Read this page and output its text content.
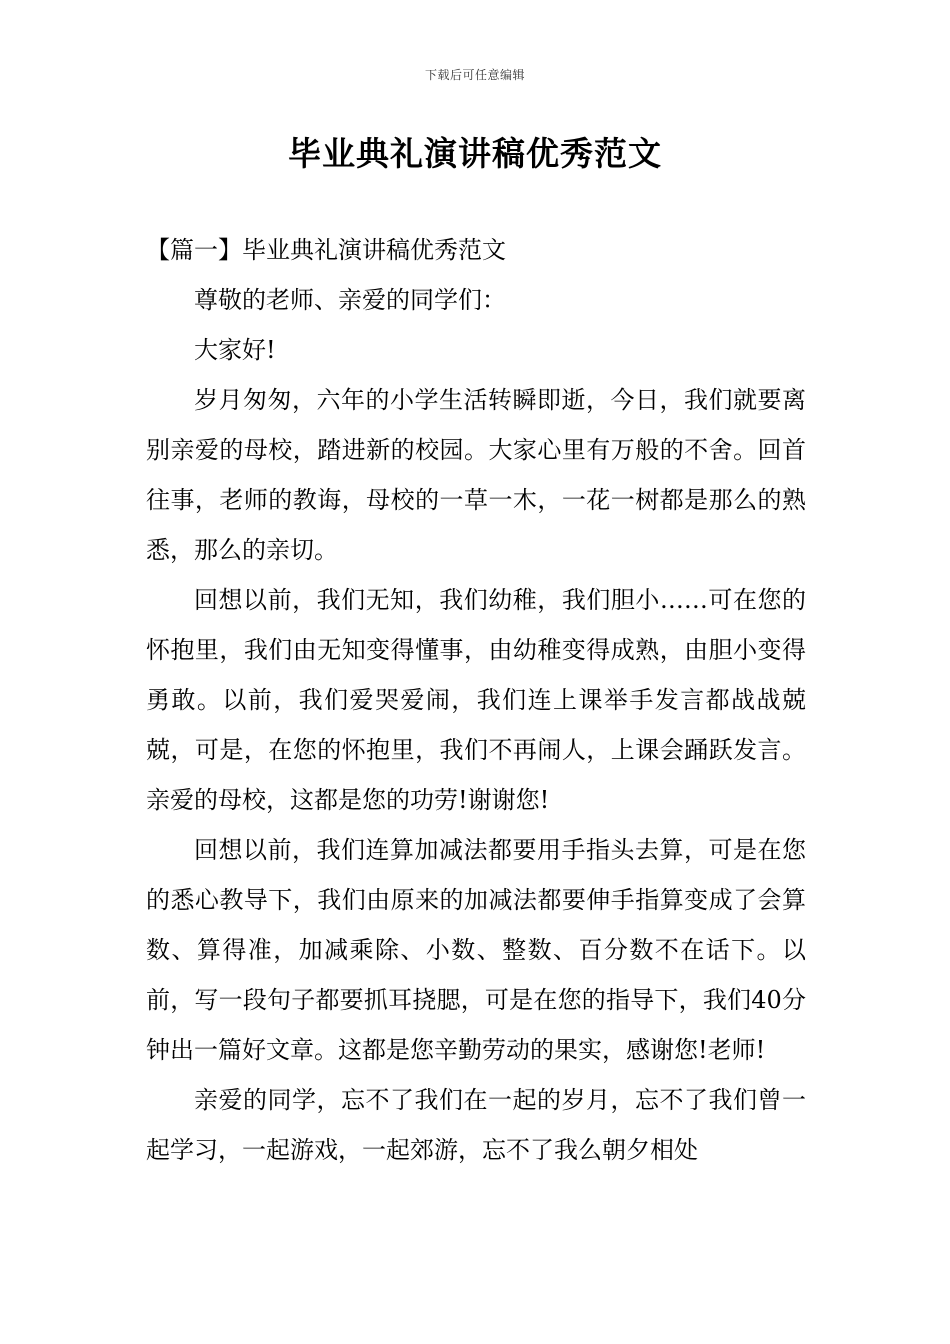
下载后可任意编辑
毕业典礼演讲稿优秀范文

【篇一】毕业典礼演讲稿优秀范文

尊敬的老师、亲爱的同学们：

大家好!

岁月匆匆，六年的小学生活转瞬即逝，今日，我们就要离别亲爱的母校，踏进新的校园。大家心里有万般的不舍。回首往事，老师的教诲，母校的一草一木，一花一树都是那么的熟悉，那么的亲切。

回想以前，我们无知，我们幼稚，我们胆小……可在您的怀抱里，我们由无知变得懂事，由幼稚变得成熟，由胆小变得勇敢。以前，我们爱哭爱闹，我们连上课举手发言都战战兢兢，可是，在您的怀抱里，我们不再闹人，上课会踊跃发言。亲爱的母校，这都是您的功劳!谢谢您!

回想以前，我们连算加减法都要用手指头去算，可是在您的悉心教导下，我们由原来的加减法都要伸手指算变成了会算数、算得准，加减乘除、小数、整数、百分数不在话下。以前，写一段句子都要抓耳挠腮，可是在您的指导下，我们40分钟出一篇好文章。这都是您辛勤劳动的果实，感谢您!老师!

亲爱的同学，忘不了我们在一起的岁月，忘不了我们曾一起学习，一起游戏，一起郊游，忘不了我么朝夕相处
